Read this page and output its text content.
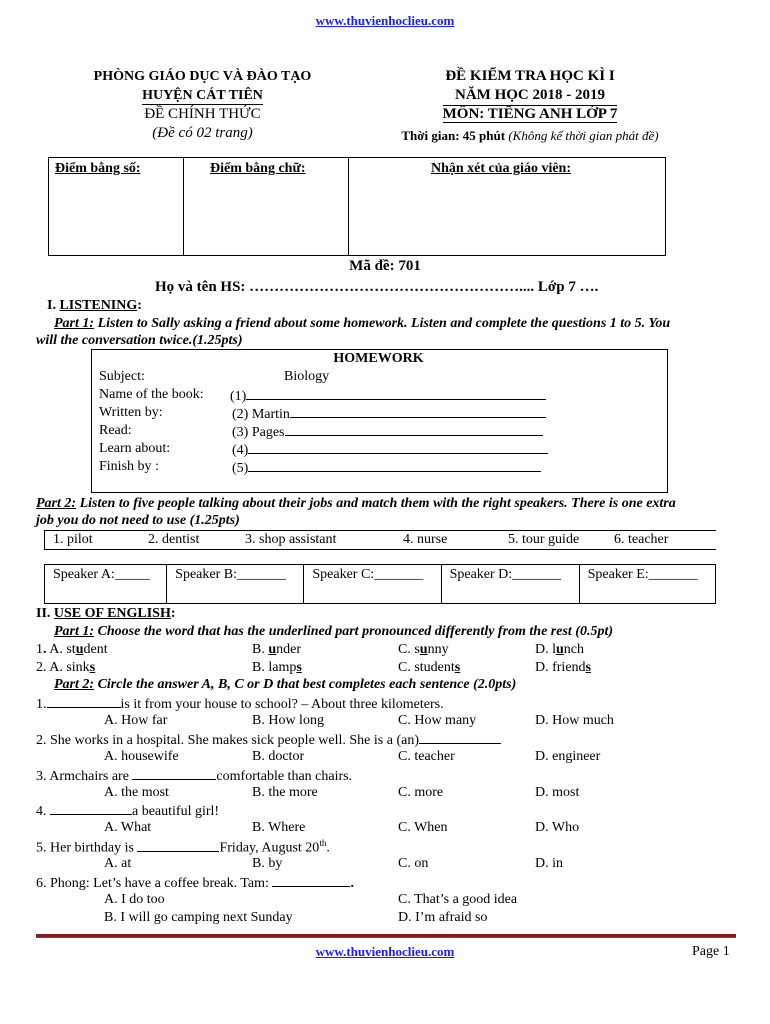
www.thuvienhoclieu.com
PHÒNG GIÁO DỤC VÀ ĐÀO TẠO
HUYỆN CÁT TIÊN
ĐỀ CHÍNH THỨC
(Đề có 02 trang)
ĐỀ KIỂM TRA HỌC KÌ I
NĂM HỌC 2018 - 2019
MÔN: TIẾNG ANH LỚP 7
Thời gian: 45 phút (Không kể thời gian phát đề)
Điểm bằng số:	Điểm bằng chữ:	Nhận xét của giáo viên:
Mã đề: 701
Họ và tên HS: ……………………………………………….... Lớp 7 ….
I. LISTENING:
Part 1: Listen to Sally asking a friend about some homework. Listen and complete the questions 1 to 5. You
will the conversation twice.(1.25pts)
HOMEWORK
Subject:	Biology
Name of the book: (1)
Written by:	(2) Martin
Read:	(3) Pages
Learn about:	(4)
Finish by :	(5)
Part 2: Listen to five people talking about their jobs and match them with the right speakers. There is one extra
job you do not need to use (1.25pts)
1. pilot	2. dentist	3. shop assistant	4. nurse	5. tour guide 6. teacher
Speaker A:_____	Speaker B:_______	Speaker C:_______	Speaker D:_______	Speaker E:_______
II. USE OF ENGLISH:
Part 1: Choose the word that has the underlined part pronounced differently from the rest (0.5pt)
1. A. student	B. under	C. sunny	D. lunch
2. A. sinks	B. lamps	C. students	D. friends
Part 2: Circle the answer A, B, C or D that best completes each sentence (2.0pts)
1.	is it from your house to school? – About three kilometers.
A. How far	B. How long	C. How many	D. How much
2. She works in a hospital. She makes sick people well. She is a (an)
A. housewife	B. doctor	C. teacher	D. engineer
3. Armchairs are	comfortable than chairs.
A. the most	B. the more	C. more	D. most
4.	a beautiful girl!
A. What	B. Where	C. When	D. Who
5. Her birthday is	Friday, August 20th.
A. at	B. by	C. on	D. in
6. Phong: Let’s have a coffee break. Tam:	.
A. I do too	C. That’s a good idea
B. I will go camping next Sunday	D. I’m afraid so
www.thuvienhoclieu.com	Page 1
